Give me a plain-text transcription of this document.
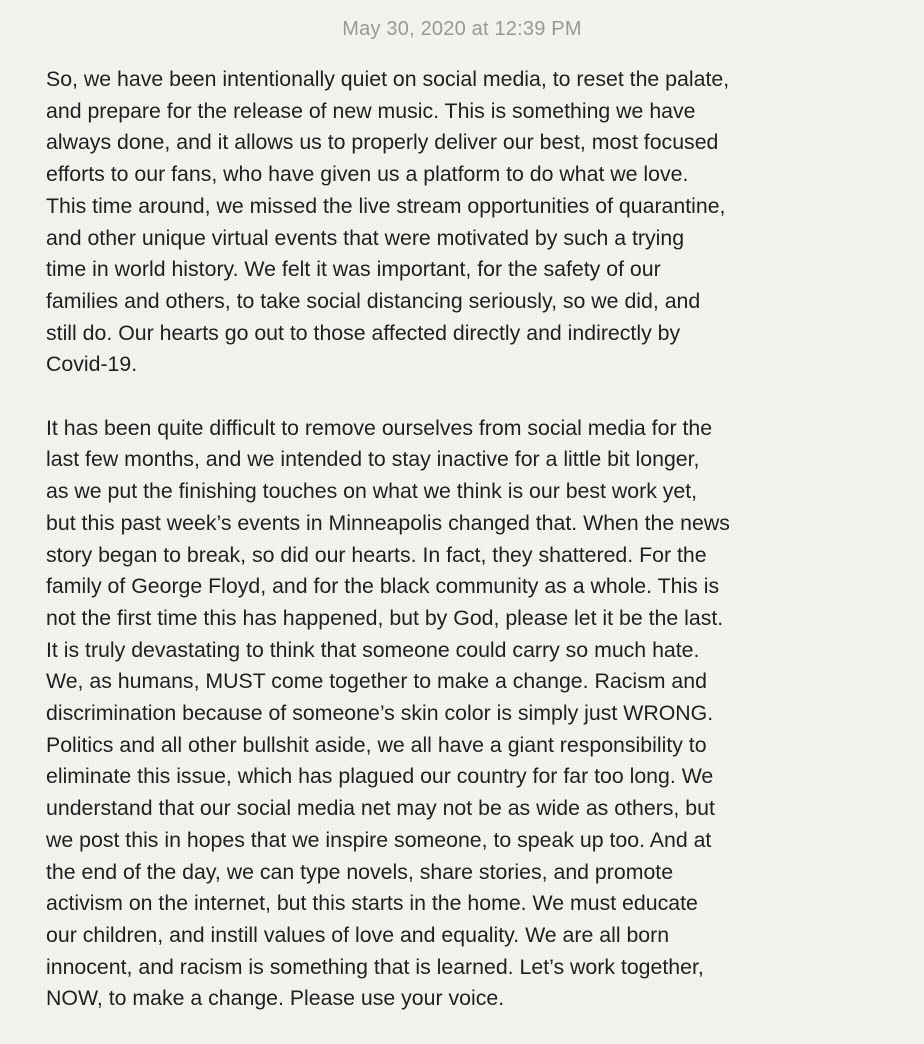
May 30, 2020 at 12:39 PM

So, we have been intentionally quiet on social media, to reset the palate,
and prepare for the release of new music. This is something we have
always done, and it allows us to properly deliver our best, most focused
efforts to our fans, who have given us a platform to do what we love.
This time around, we missed the live stream opportunities of quarantine,
and other unique virtual events that were motivated by such a trying
time in world history. We felt it was important, for the safety of our
families and others, to take social distancing seriously, so we did, and
still do. Our hearts go out to those affected directly and indirectly by
Covid-19.

It has been quite difficult to remove ourselves from social media for the
last few months, and we intended to stay inactive for a little bit longer,
as we put the finishing touches on what we think is our best work yet,
but this past week’s events in Minneapolis changed that. When the news
story began to break, so did our hearts. In fact, they shattered. For the
family of George Floyd, and for the black community as a whole. This is
not the first time this has happened, but by God, please let it be the last.
It is truly devastating to think that someone could carry so much hate.
We, as humans, MUST come together to make a change. Racism and
discrimination because of someone’s skin color is simply just WRONG.
Politics and all other bullshit aside, we all have a giant responsibility to
eliminate this issue, which has plagued our country for far too long. We
understand that our social media net may not be as wide as others, but
we post this in hopes that we inspire someone, to speak up too. And at
the end of the day, we can type novels, share stories, and promote
activism on the internet, but this starts in the home. We must educate
our children, and instill values of love and equality. We are all born
innocent, and racism is something that is learned. Let’s work together,
NOW, to make a change. Please use your voice.
